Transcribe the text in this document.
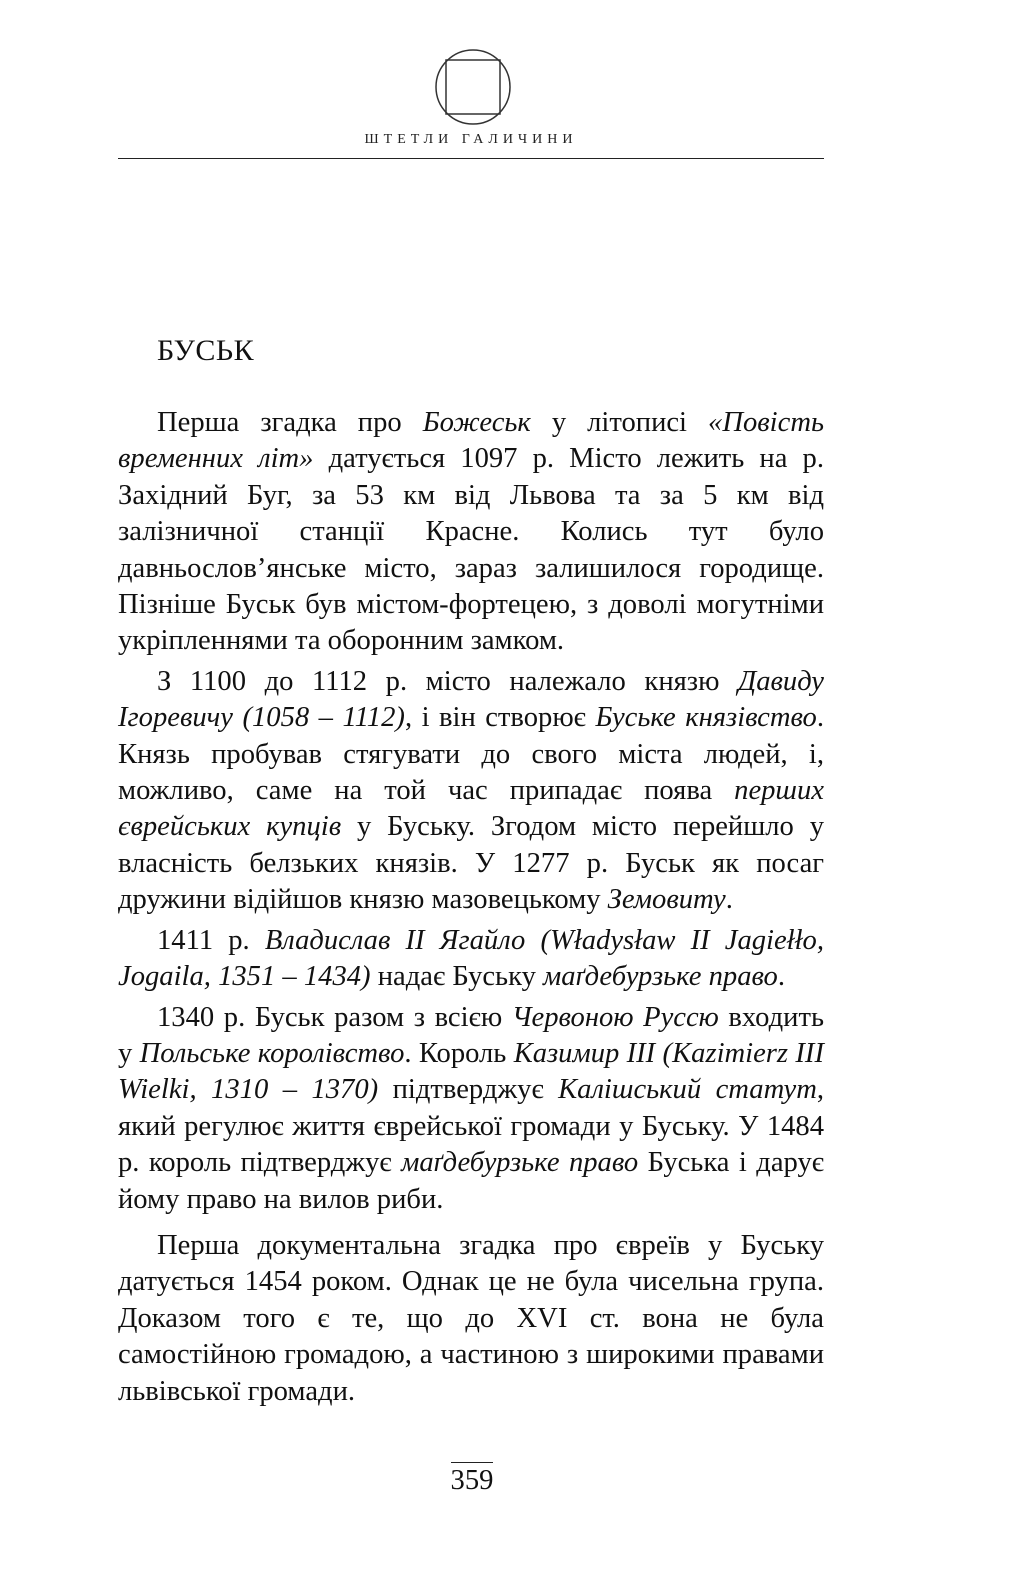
ШТЕТЛИ ГАЛИЧИНИ
БУСЬК

Перша згадка про Божеськ у літописі «Повість временних літ» датується 1097 р. Місто лежить на р. Західний Буг, за 53 км від Львова та за 5 км від залізничної станції Красне. Колись тут було давньослов’янське місто, зараз залишилося городище. Пізніше Буськ був містом-фортецею, з доволі могутніми укріпленнями та оборонним замком.

З 1100 до 1112 р. місто належало князю Давиду Ігоревичу (1058 – 1112), і він створює Буське князівство. Князь пробував стягувати до свого міста людей, і, можливо, саме на той час припадає поява перших єврейських купців у Буську. Згодом місто перейшло у власність белзьких князів. У 1277 р. Буськ як посаг дружини відійшов князю мазовецькому Земовиту.

1411 р. Владислав II Ягайло (Władysław II Jagiełło, Jogaila, 1351 – 1434) надає Буську маґдебурзьке право.

1340 р. Буськ разом з всією Червоною Руссю входить у Польське королівство. Король Казимир III (Kazimierz III Wielki, 1310 – 1370) підтверджує Калішський статут, який регулює життя єврейської громади у Буську. У 1484 р. король підтверджує маґдебурзьке право Буська і дарує йому право на вилов риби.

Перша документальна згадка про євреїв у Буську датується 1454 роком. Однак це не була чисельна група. Доказом того є те, що до XVI ст. вона не була самостійною громадою, а частиною з широкими правами львівської громади.

359
